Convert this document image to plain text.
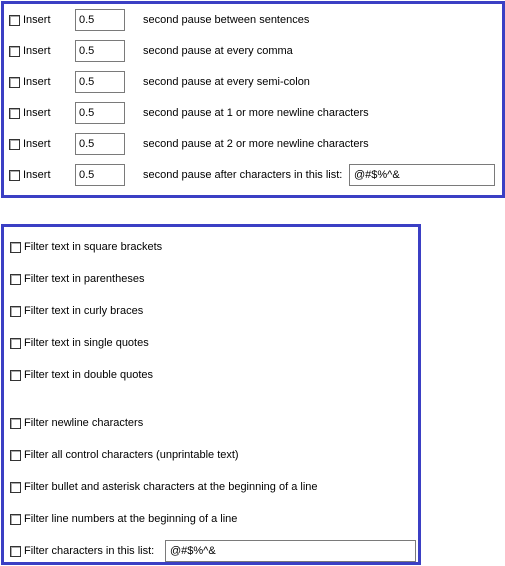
Insert	0.5	second pause between sentences
Insert	0.5	second pause at every comma
Insert	0.5	second pause at every semi-colon
Insert	0.5	second pause at 1 or more newline characters
Insert	0.5	second pause at 2 or more newline characters
Insert	0.5	second pause after characters in this list:	@#$%^&
Filter text in square brackets
Filter text in parentheses
Filter text in curly braces
Filter text in single quotes
Filter text in double quotes
Filter newline characters
Filter all control characters (unprintable text)
Filter bullet and asterisk characters at the beginning of a line
Filter line numbers at the beginning of a line
Filter characters in this list:	@#$%^&
